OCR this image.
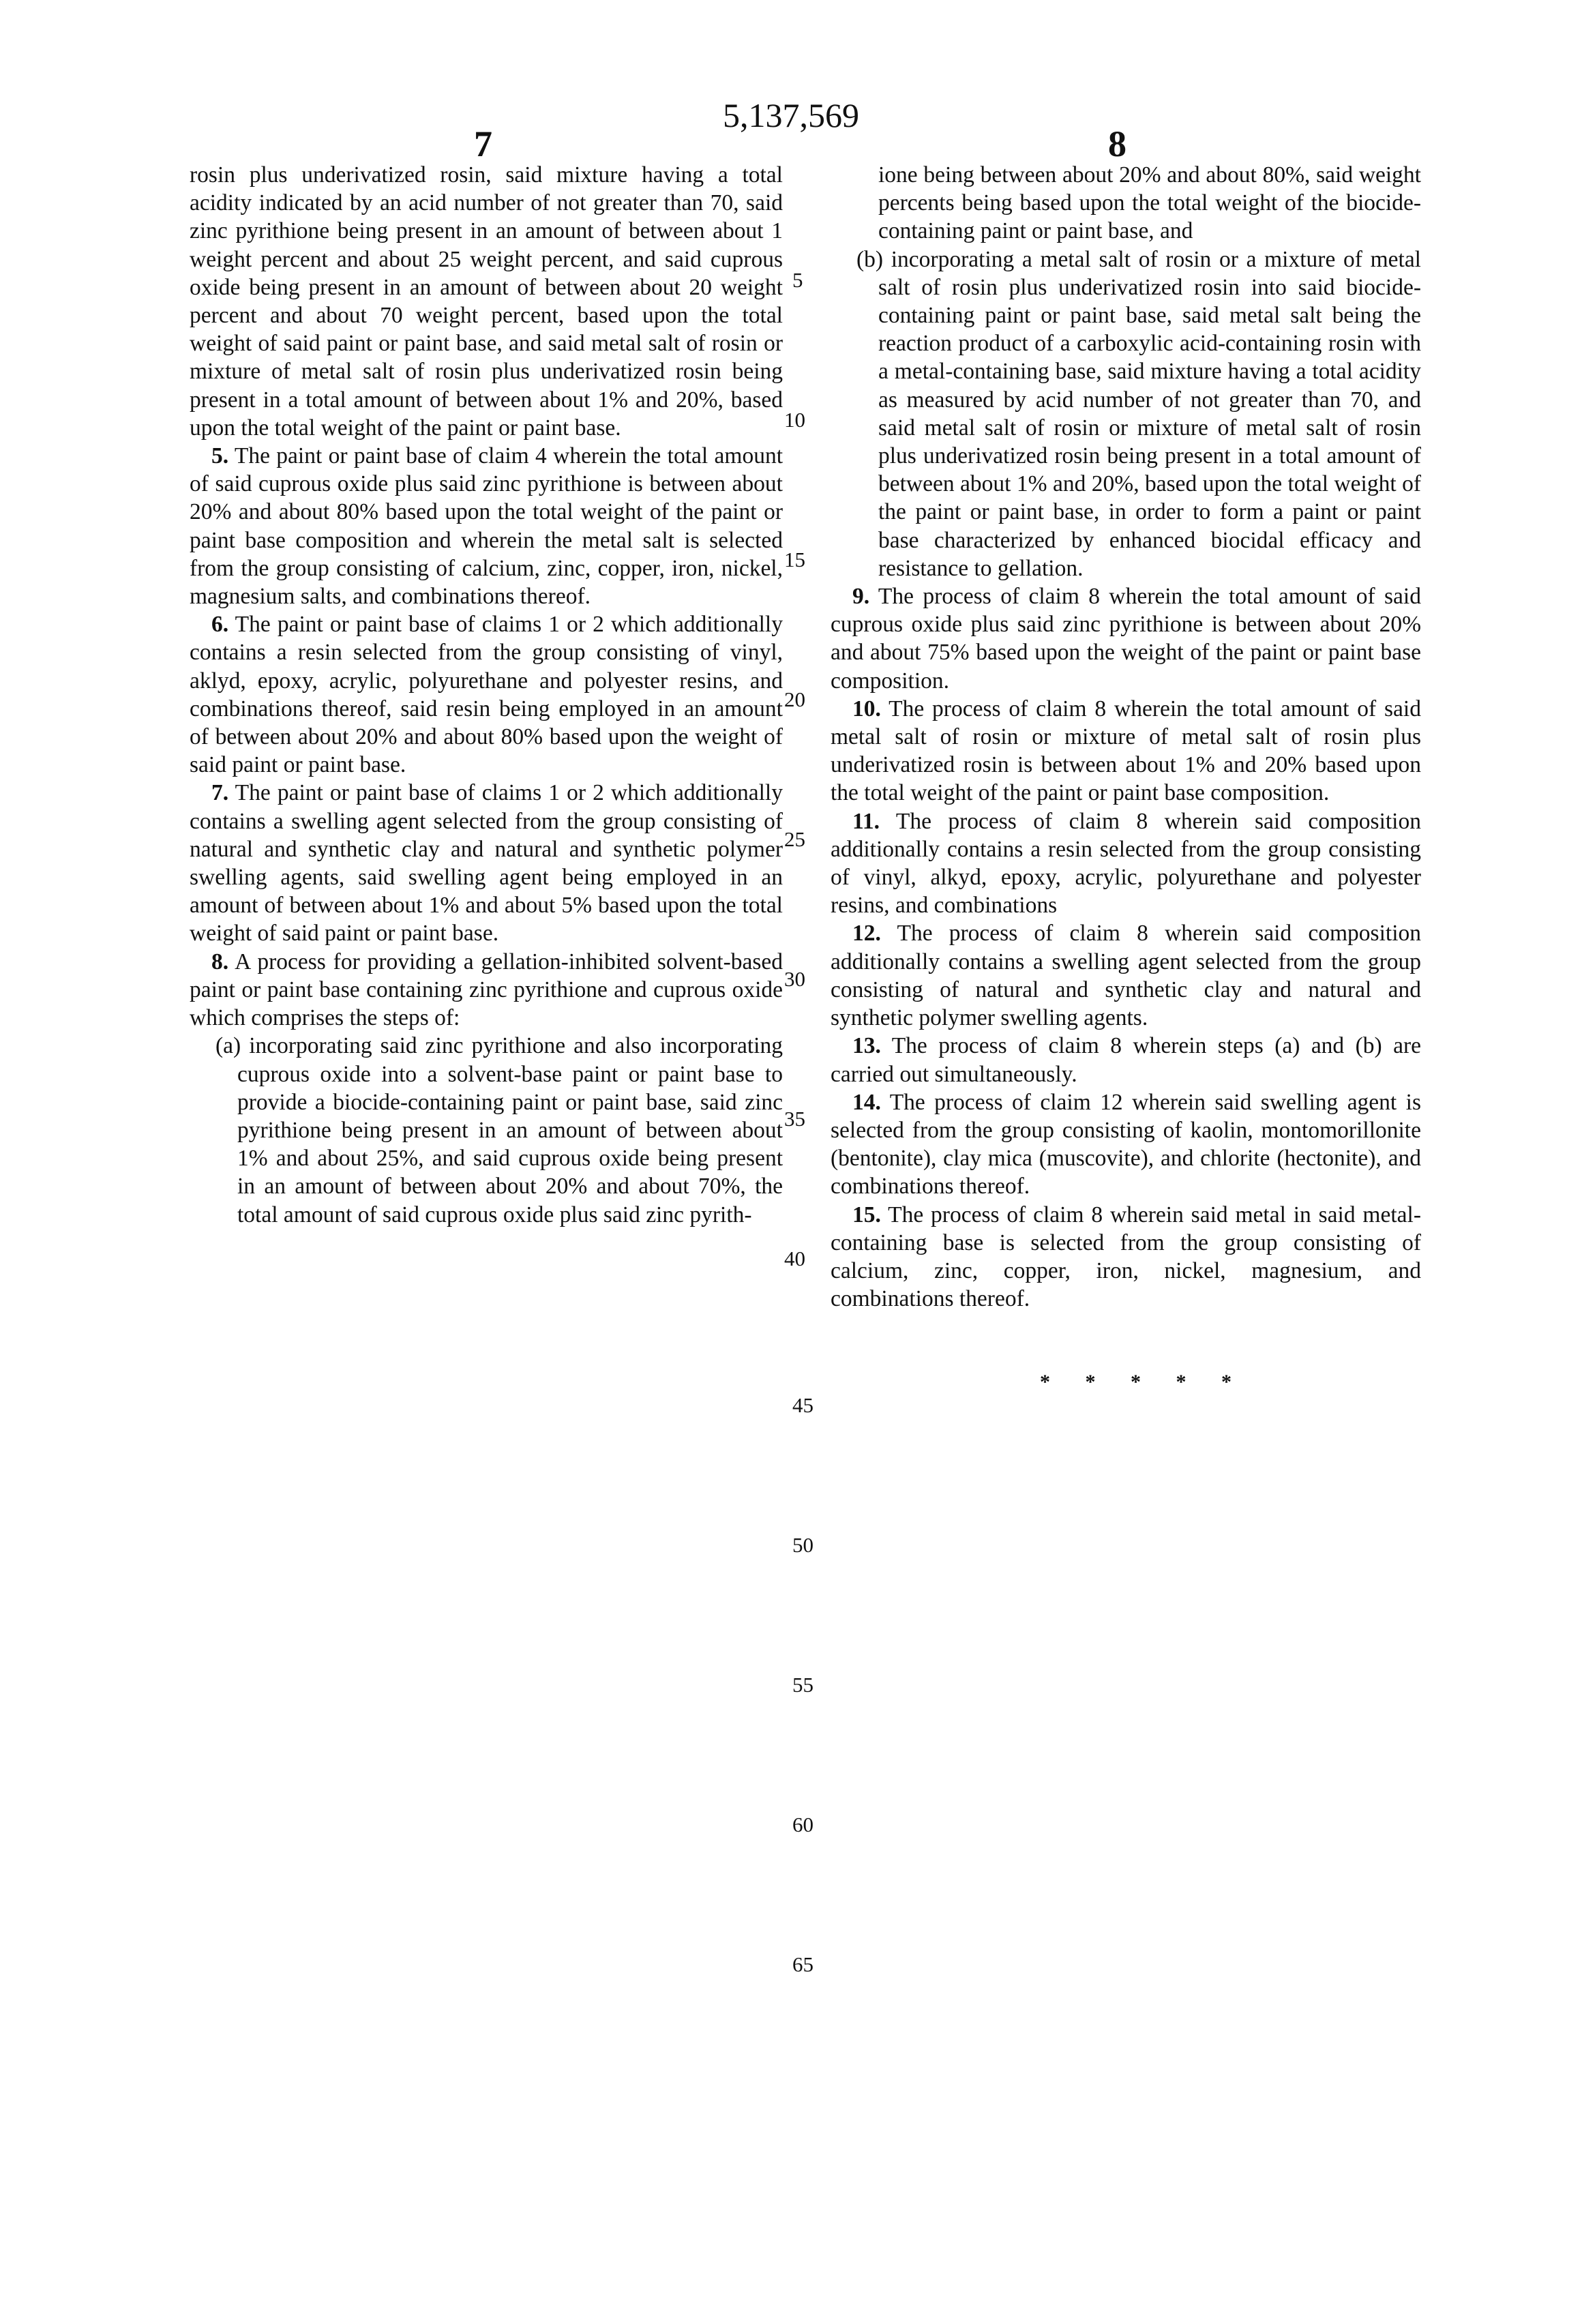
5,137,569
7	8

rosin plus underivatized rosin, said mixture having a total acidity indicated by an acid number of not greater than 70, said zinc pyrithione being present in an amount of between about 1 weight percent and about 25 weight percent, and said cuprous oxide being present in an amount of between about 20 weight percent and about 70 weight percent, based upon the total weight of said paint or paint base, and said metal salt of rosin or mixture of metal salt of rosin plus underivatized rosin being present in a total amount of between about 1% and 20%, based upon the total weight of the paint or paint base.

5. The paint or paint base of claim 4 wherein the total amount of said cuprous oxide plus said zinc pyrithione is between about 20% and about 80% based upon the total weight of the paint or paint base composition and wherein the metal salt is selected from the group consisting of calcium, zinc, copper, iron, nickel, magnesium salts, and combinations thereof.

6. The paint or paint base of claims 1 or 2 which additionally contains a resin selected from the group consisting of vinyl, aklyd, epoxy, acrylic, polyurethane and polyester resins, and combinations thereof, said resin being employed in an amount of between about 20% and about 80% based upon the weight of said paint or paint base.

7. The paint or paint base of claims 1 or 2 which additionally contains a swelling agent selected from the group consisting of natural and synthetic clay and natural and synthetic polymer swelling agents, said swelling agent being employed in an amount of between about 1% and about 5% based upon the total weight of said paint or paint base.

8. A process for providing a gellation-inhibited solvent-based paint or paint base containing zinc pyrithione and cuprous oxide which comprises the steps of:

(a) incorporating said zinc pyrithione and also incorporating cuprous oxide into a solvent-base paint or paint base to provide a biocide-containing paint or paint base, said zinc pyrithione being present in an amount of between about 1% and about 25%, and said cuprous oxide being present in an amount of between about 20% and about 70%, the total amount of said cuprous oxide plus said zinc pyrith-

5
10
15
20
25
30
35
40
45
50
55
60
65

ione being between about 20% and about 80%, said weight percents being based upon the total weight of the biocide-containing paint or paint base, and

(b) incorporating a metal salt of rosin or a mixture of metal salt of rosin plus underivatized rosin into said biocide-containing paint or paint base, said metal salt being the reaction product of a carboxylic acid-containing rosin with a metal-containing base, said mixture having a total acidity as measured by acid number of not greater than 70, and said metal salt of rosin or mixture of metal salt of rosin plus underivatized rosin being present in a total amount of between about 1% and 20%, based upon the total weight of the paint or paint base, in order to form a paint or paint base characterized by enhanced biocidal efficacy and resistance to gellation.

9. The process of claim 8 wherein the total amount of said cuprous oxide plus said zinc pyrithione is between about 20% and about 75% based upon the weight of the paint or paint base composition.

10. The process of claim 8 wherein the total amount of said metal salt of rosin or mixture of metal salt of rosin plus underivatized rosin is between about 1% and 20% based upon the total weight of the paint or paint base composition.

11. The process of claim 8 wherein said composition additionally contains a resin selected from the group consisting of vinyl, alkyd, epoxy, acrylic, polyurethane and polyester resins, and combinations

12. The process of claim 8 wherein said composition additionally contains a swelling agent selected from the group consisting of natural and synthetic clay and natural and synthetic polymer swelling agents.

13. The process of claim 8 wherein steps (a) and (b) are carried out simultaneously.

14. The process of claim 12 wherein said swelling agent is selected from the group consisting of kaolin, montomorillonite (bentonite), clay mica (muscovite), and chlorite (hectonite), and combinations thereof.

15. The process of claim 8 wherein said metal in said metal-containing base is selected from the group consisting of calcium, zinc, copper, iron, nickel, magnesium, and combinations thereof.

* * * * *
